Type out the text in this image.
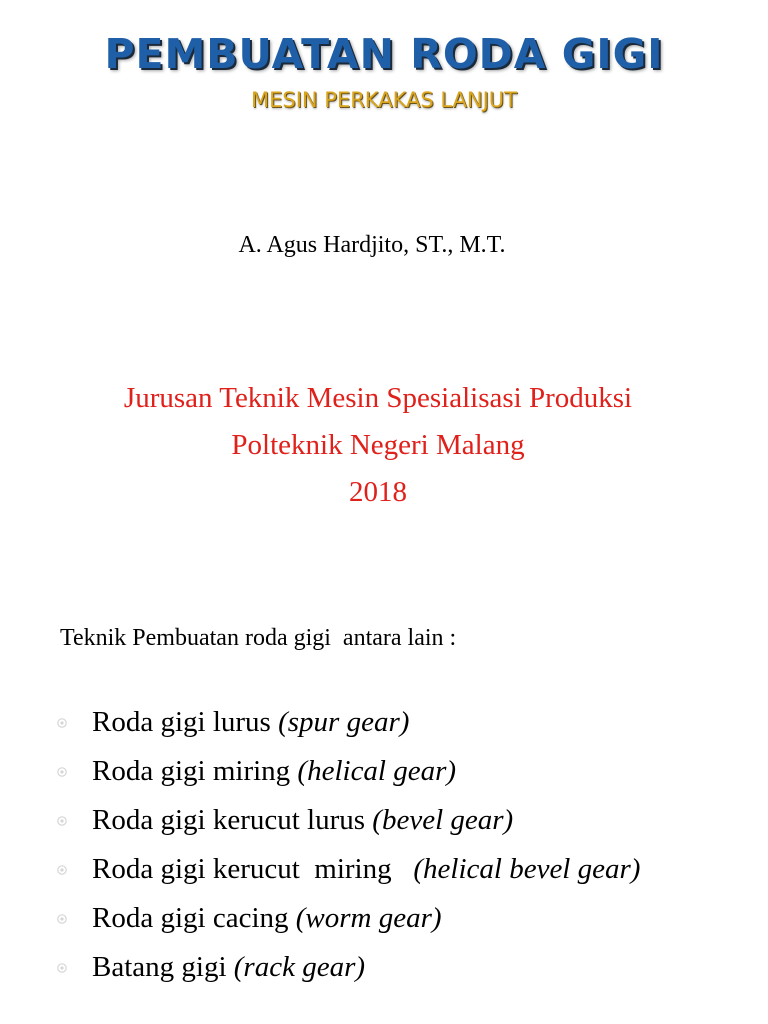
PEMBUATAN RODA GIGI
MESIN PERKAKAS LANJUT
A. Agus Hardjito, ST., M.T.
Jurusan Teknik Mesin Spesialisasi Produksi
Polteknik Negeri Malang
2018
Teknik Pembuatan roda gigi  antara lain :
Roda gigi lurus (spur gear)
Roda gigi miring (helical gear)
Roda gigi kerucut lurus (bevel gear)
Roda gigi kerucut  miring   (helical bevel gear)
Roda gigi cacing (worm gear)
Batang gigi (rack gear)
